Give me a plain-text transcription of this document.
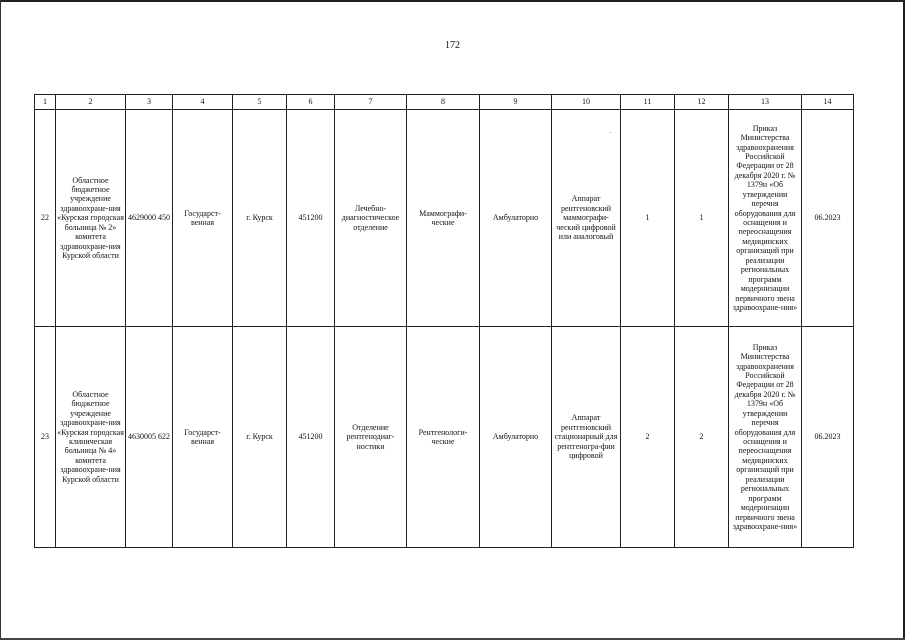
172
1	2	3	4	5	6	7	8	9	10	11	12	13	14
22	Областное бюджетное учреждение здравоохране-ния «Курская городская больница № 2» комитета здравоохране-ния Курской области	4629000 450	Государст-венная	г. Курск	451200	Лечебно-диагностическое отделение	Маммографи-ческие	Амбулаторно	Аппарат рентгеновский маммографи-ческий цифровой или аналоговый	1	1	Приказ Министерства здравоохранения Российской Федерации от 28 декабря 2020 г. № 1379н «Об утверждении перечня оборудования для оснащения и переоснащения медицинских организаций при реализации региональных программ модернизации первичного звена здравоохране-ния»	06.2023
23	Областное бюджетное учреждение здравоохране-ния «Курская городская клиническая больница № 4» комитета здравоохране-ния Курской области	4630005 622	Государст-венная	г. Курск	451200	Отделение рентгенодиаг-ностики	Рентгенологи-ческие	Амбулаторно	Аппарат рентгеновский стационарный для рентгеногра-фии цифровой	2	2	Приказ Министерства здравоохранения Российской Федерации от 28 декабря 2020 г. № 1379н «Об утверждении перечня оборудования для оснащения и переоснащения медицинских организаций при реализации региональных программ модернизации первичного звена здравоохране-ния»	06.2023
ˊ
